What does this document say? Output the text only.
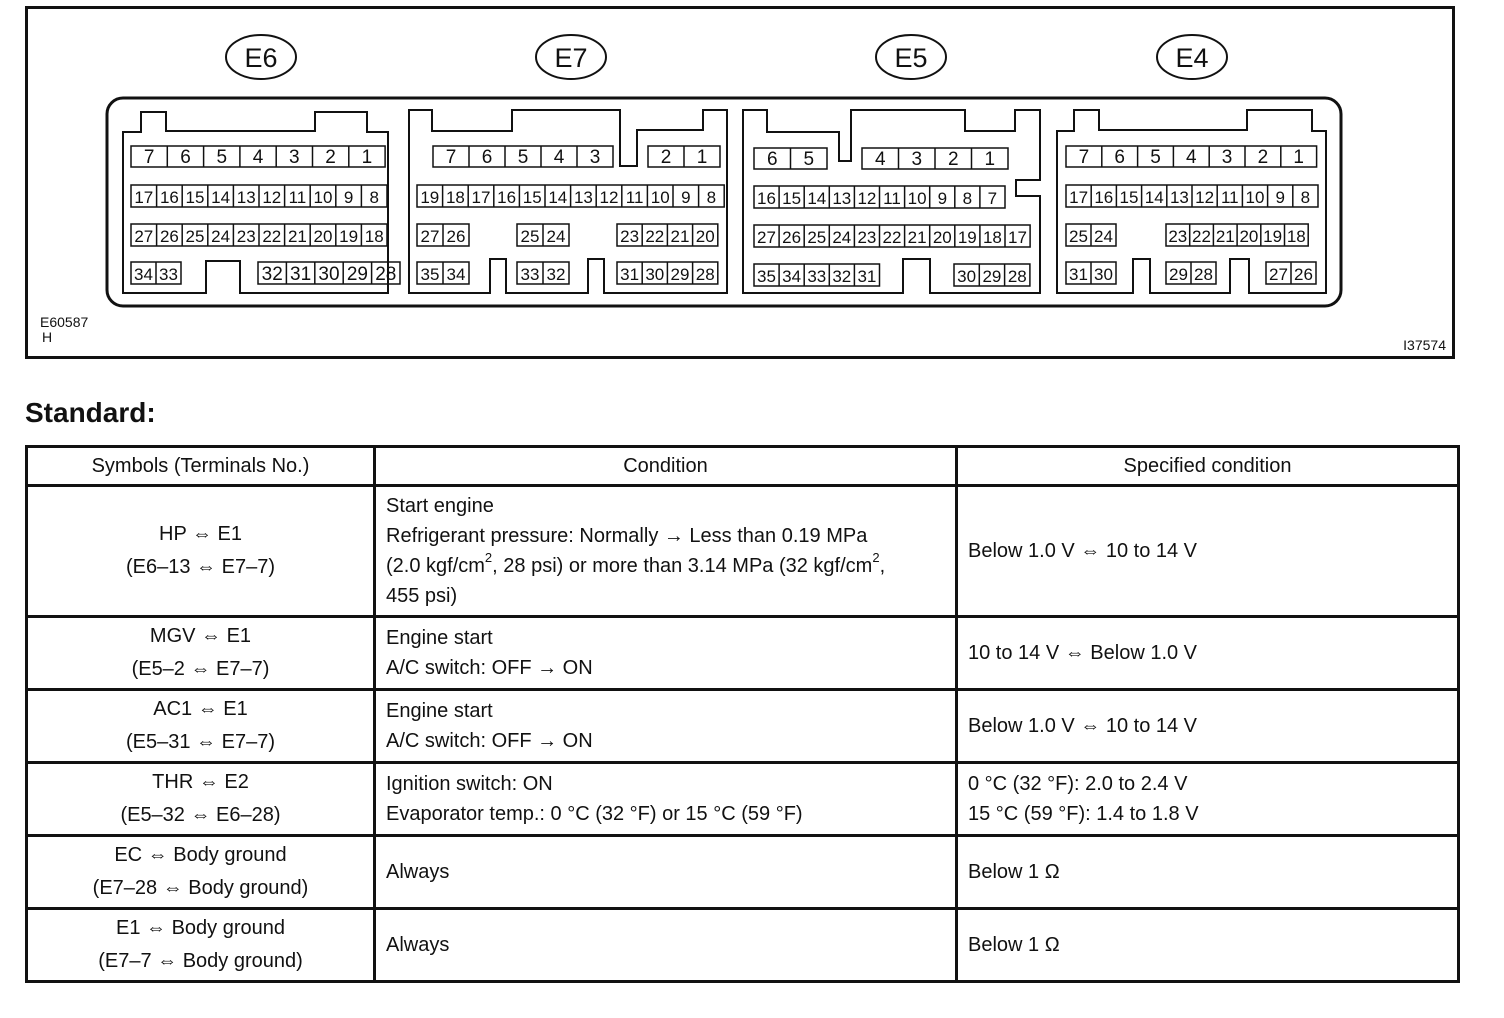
E6	E7	E5	E4
7 6 5 4 3 2 1
17 16 15 14 13 12 11 10 9 8
27 26 25 24 23 22 21 20 19 18
34 33	32 31 30 29 28
7 6 5 4 3	2 1
19 18 17 16 15 14 13 12 11 10 9 8
27 26	25 24	23 22 21 20
35 34	33 32	31 30 29 28
6 5	4 3 2 1
16 15 14 13 12 11 10 9 8 7
27 26 25 24 23 22 21 20 19 18 17
35 34 33 32 31	30 29 28
7 6 5 4 3 2 1
17 16 15 14 13 12 11 10 9 8
25 24	23 22 21 20 19 18
31 30	29 28	27 26
E60587
H	I37574
Standard:
Symbols (Terminals No.)	Condition	Specified condition

HP ⇔ E1
(E6–13 ⇔ E7–7)	Start engine
Refrigerant pressure: Normally → Less than 0.19 MPa
(2.0 kgf/$cm^2$, 28 psi) or more than 3.14 MPa (32 kgf/$cm^2$,
455 psi)	Below 1.0 V ⇔ 10 to 14 V

MGV ⇔ E1
(E5–2 ⇔ E7–7)	Engine start
A/C switch: OFF → ON	10 to 14 V ⇔ Below 1.0 V

AC1 ⇔ E1
(E5–31 ⇔ E7–7)	Engine start
A/C switch: OFF → ON	Below 1.0 V ⇔ 10 to 14 V

THR ⇔ E2
(E5–32 ⇔ E6–28)	Ignition switch: ON
Evaporator temp.: 0 °C (32 °F) or 15 °C (59 °F)	0 °C (32 °F): 2.0 to 2.4 V
15 °C (59 °F): 1.4 to 1.8 V

EC ⇔ Body ground
(E7–28 ⇔ Body ground)	Always	Below 1 Ω

E1 ⇔ Body ground
(E7–7 ⇔ Body ground)	Always	Below 1 Ω
